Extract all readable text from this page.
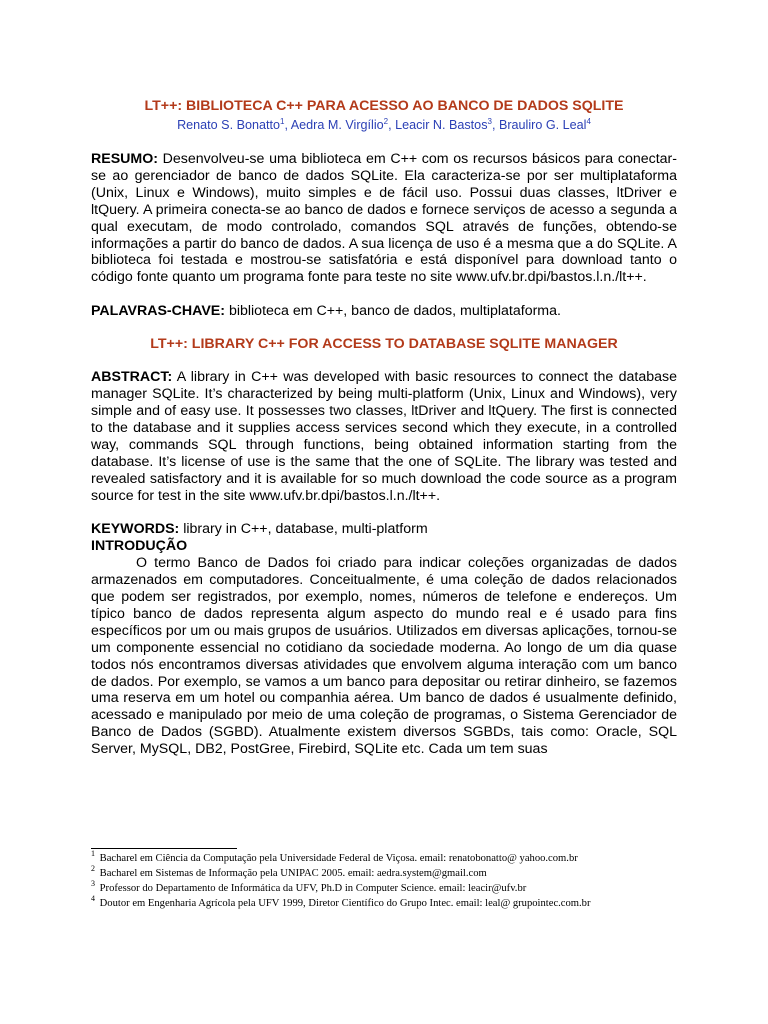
LT++: BIBLIOTECA C++ PARA ACESSO AO BANCO DE DADOS SQLITE

Renato S. Bonatto$^1$, Aedra M. Virgílio$^2$, Leacir N. Bastos$^3$, Brauliro G. Leal$^4$

RESUMO: Desenvolveu-se uma biblioteca em C++ com os recursos básicos para conectar-se ao gerenciador de banco de dados SQLite. Ela caracteriza-se por ser multiplataforma (Unix, Linux e Windows), muito simples e de fácil uso. Possui duas classes, ltDriver e ltQuery. A primeira conecta-se ao banco de dados e fornece serviços de acesso a segunda a qual executam, de modo controlado, comandos SQL através de funções, obtendo-se informações a partir do banco de dados. A sua licença de uso é a mesma que a do SQLite. A biblioteca foi testada e mostrou-se satisfatória e está disponível para download tanto o código fonte quanto um programa fonte para teste no site www.ufv.br.dpi/bastos.l.n./lt++.

PALAVRAS-CHAVE: biblioteca em C++, banco de dados, multiplataforma.

LT++: LIBRARY C++ FOR ACCESS TO DATABASE SQLITE MANAGER

ABSTRACT: A library in C++ was developed with basic resources to connect the database manager SQLite. It’s characterized by being multi-platform (Unix, Linux and Windows), very simple and of easy use. It possesses two classes, ltDriver and ltQuery. The first is connected to the database and it supplies access services second which they execute, in a controlled way, commands SQL through functions, being obtained information starting from the database. It’s license of use is the same that the one of SQLite. The library was tested and revealed satisfactory and it is available for so much download the code source as a program source for test in the site www.ufv.br.dpi/bastos.l.n./lt++.

KEYWORDS: library in C++, database, multi-platform

INTRODUÇÃO

O termo Banco de Dados foi criado para indicar coleções organizadas de dados armazenados em computadores. Conceitualmente, é uma coleção de dados relacionados que podem ser registrados, por exemplo, nomes, números de telefone e endereços. Um típico banco de dados representa algum aspecto do mundo real e é usado para fins específicos por um ou mais grupos de usuários. Utilizados em diversas aplicações, tornou-se um componente essencial no cotidiano da sociedade moderna. Ao longo de um dia quase todos nós encontramos diversas atividades que envolvem alguma interação com um banco de dados. Por exemplo, se vamos a um banco para depositar ou retirar dinheiro, se fazemos uma reserva em um hotel ou companhia aérea. Um banco de dados é usualmente definido, acessado e manipulado por meio de uma coleção de programas, o Sistema Gerenciador de Banco de Dados (SGBD). Atualmente existem diversos SGBDs, tais como: Oracle, SQL Server, MySQL, DB2, PostGree, Firebird, SQLite etc. Cada um tem suas

$^1$ Bacharel em Ciência da Computação pela Universidade Federal de Viçosa. email: renatobonatto@ yahoo.com.br

$^2$ Bacharel em Sistemas de Informação pela UNIPAC 2005. email: aedra.system@gmail.com

$^3$ Professor do Departamento de Informática da UFV, Ph.D in Computer Science. email: leacir@ufv.br

$^4$ Doutor em Engenharia Agrícola pela UFV 1999, Diretor Científico do Grupo Intec. email: leal@ grupointec.com.br
